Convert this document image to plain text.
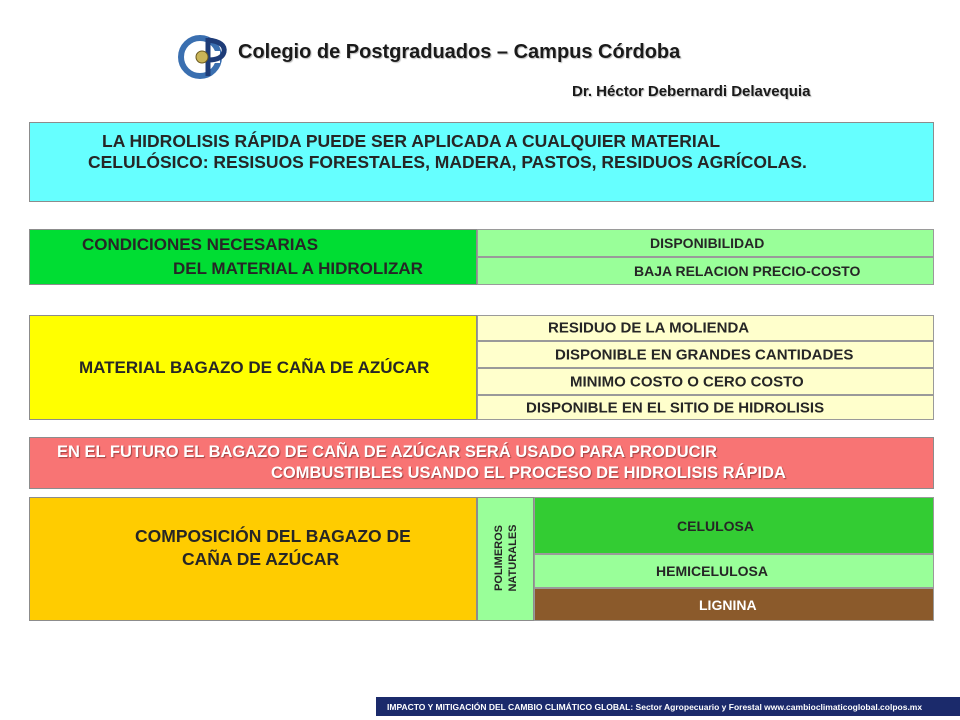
CP
Colegio de Postgraduados – Campus Córdoba
Dr. Héctor Debernardi Delavequia
LA HIDROLISIS RÁPIDA PUEDE SER APLICADA A CUALQUIER MATERIAL
CELULÓSICO: RESISUOS FORESTALES, MADERA, PASTOS, RESIDUOS AGRÍCOLAS.
CONDICIONES NECESARIAS
DEL MATERIAL A HIDROLIZAR
DISPONIBILIDAD
BAJA RELACION PRECIO-COSTO
MATERIAL BAGAZO DE CAÑA DE AZÚCAR
RESIDUO DE LA MOLIENDA
DISPONIBLE EN GRANDES CANTIDADES
MINIMO COSTO O CERO COSTO
DISPONIBLE EN EL SITIO DE HIDROLISIS
EN EL FUTURO EL BAGAZO DE CAÑA DE AZÚCAR SERÁ USADO PARA PRODUCIR
COMBUSTIBLES USANDO EL PROCESO DE HIDROLISIS RÁPIDA
COMPOSICIÓN DEL BAGAZO DE
CAÑA DE AZÚCAR	POLIMEROS NATURALES	CELULOSA
HEMICELULOSA
LIGNINA
IMPACTO Y MITIGACIÓN DEL CAMBIO CLIMÁTICO GLOBAL: Sector Agropecuario y Forestal www.cambioclimaticoglobal.colpos.mx
